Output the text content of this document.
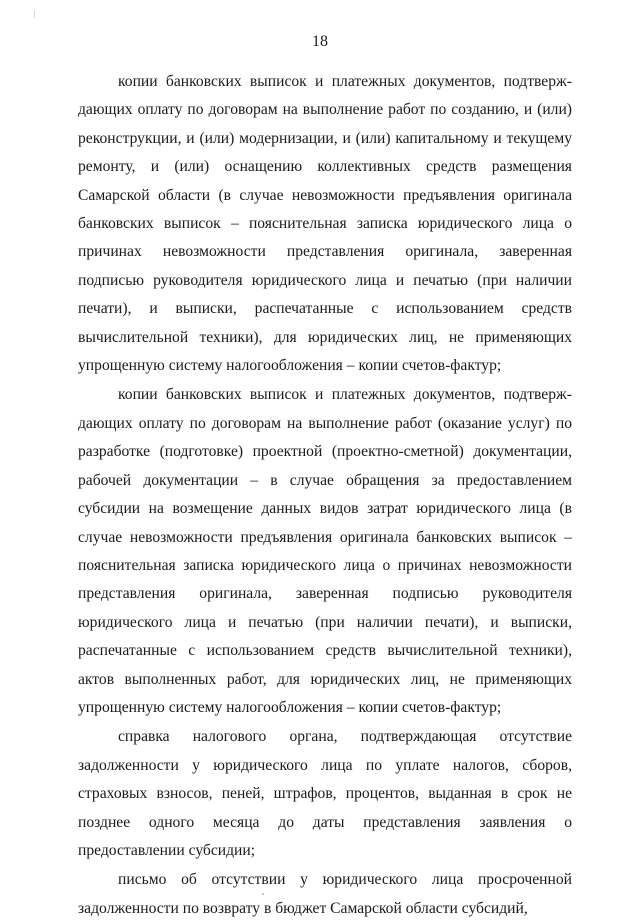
18

копии банковских выписок и платежных документов, подтверждающих оплату по договорам на выполнение работ по созданию, и (или) реконструкции, и (или) модернизации, и (или) капитальному и текущему ремонту, и (или) оснащению коллективных средств размещения Самарской области (в случае невозможности предъявления оригинала банковских выписок – пояснительная записка юридического лица о причинах невозможности представления оригинала, заверенная подписью руководителя юридического лица и печатью (при наличии печати), и выписки, распечатанные с использованием средств вычислительной техники), для юридических лиц, не применяющих упрощенную систему налогообложения – копии счетов-фактур;

копии банковских выписок и платежных документов, подтверждающих оплату по договорам на выполнение работ (оказание услуг) по разработке (подготовке) проектной (проектно-сметной) документации, рабочей документации – в случае обращения за предоставлением субсидии на возмещение данных видов затрат юридического лица (в случае невозможности предъявления оригинала банковских выписок – пояснительная записка юридического лица о причинах невозможности представления оригинала, заверенная подписью руководителя юридического лица и печатью (при наличии печати), и выписки, распечатанные с использованием средств вычислительной техники), актов выполненных работ, для юридических лиц, не применяющих упрощенную систему налогообложения – копии счетов-фактур;

справка налогового органа, подтверждающая отсутствие задолженности у юридического лица по уплате налогов, сборов, страховых взносов, пеней, штрафов, процентов, выданная в срок не позднее одного месяца до даты представления заявления о предоставлении субсидии;

письмо об отсутствии у юридического лица просроченной задолженности по возврату в бюджет Самарской области субсидий,
